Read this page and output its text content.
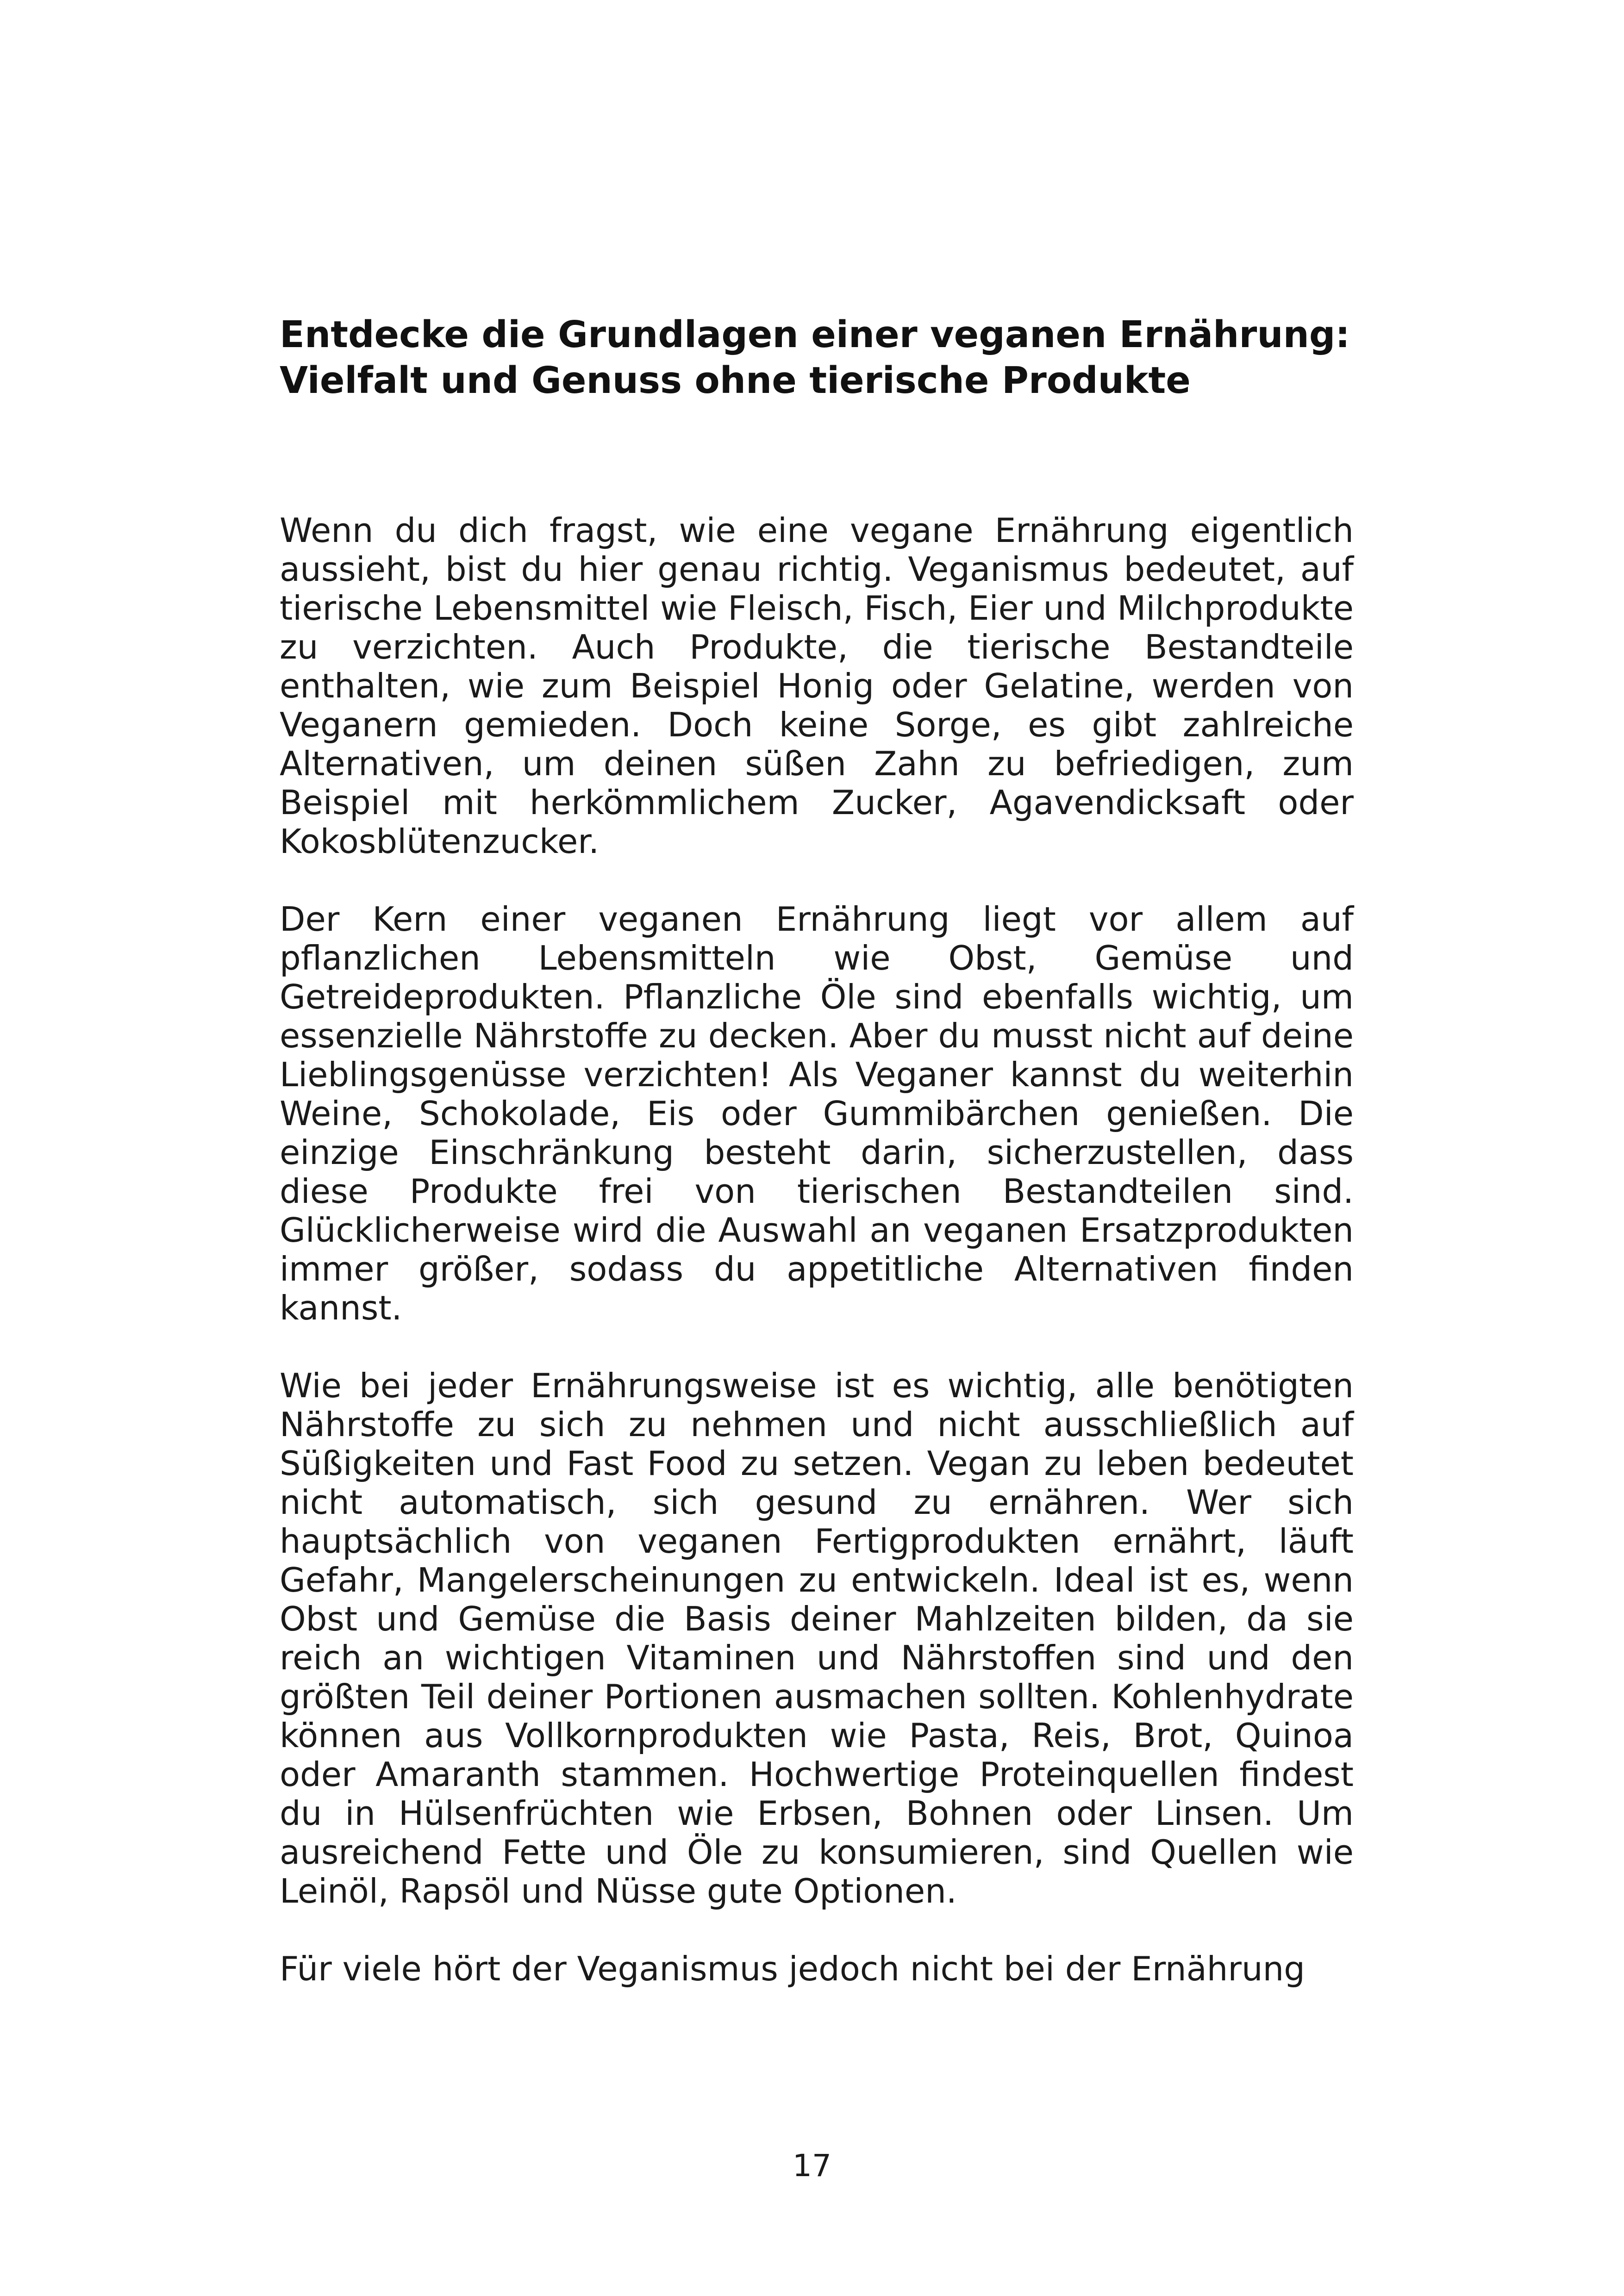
Entdecke die Grundlagen einer veganen Ernährung: Vielfalt und Genuss ohne tierische Produkte

Wenn du dich fragst, wie eine vegane Ernährung eigentlich aussieht, bist du hier genau richtig. Veganismus bedeutet, auf tierische Lebensmittel wie Fleisch, Fisch, Eier und Milchprodukte zu verzichten. Auch Produkte, die tierische Bestandteile enthalten, wie zum Beispiel Honig oder Gelatine, werden von Veganern gemieden. Doch keine Sorge, es gibt zahlreiche Alternativen, um deinen süßen Zahn zu befriedigen, zum Beispiel mit herkömmlichem Zucker, Agavendicksaft oder Kokosblütenzucker.

Der Kern einer veganen Ernährung liegt vor allem auf pflanzlichen Lebensmitteln wie Obst, Gemüse und Getreideprodukten. Pflanzliche Öle sind ebenfalls wichtig, um essenzielle Nährstoffe zu decken. Aber du musst nicht auf deine Lieblingsgenüsse verzichten! Als Veganer kannst du weiterhin Weine, Schokolade, Eis oder Gummibärchen genießen. Die einzige Einschränkung besteht darin, sicherzustellen, dass diese Produkte frei von tierischen Bestandteilen sind. Glücklicherweise wird die Auswahl an veganen Ersatzprodukten immer größer, sodass du appetitliche Alternativen finden kannst.

Wie bei jeder Ernährungsweise ist es wichtig, alle benötigten Nährstoffe zu sich zu nehmen und nicht ausschließlich auf Süßigkeiten und Fast Food zu setzen. Vegan zu leben bedeutet nicht automatisch, sich gesund zu ernähren. Wer sich hauptsächlich von veganen Fertigprodukten ernährt, läuft Gefahr, Mangelerscheinungen zu entwickeln. Ideal ist es, wenn Obst und Gemüse die Basis deiner Mahlzeiten bilden, da sie reich an wichtigen Vitaminen und Nährstoffen sind und den größten Teil deiner Portionen ausmachen sollten. Kohlenhydrate können aus Vollkornprodukten wie Pasta, Reis, Brot, Quinoa oder Amaranth stammen. Hochwertige Proteinquellen findest du in Hülsenfrüchten wie Erbsen, Bohnen oder Linsen. Um ausreichend Fette und Öle zu konsumieren, sind Quellen wie Leinöl, Rapsöl und Nüsse gute Optionen.

Für viele hört der Veganismus jedoch nicht bei der Ernährung

17
